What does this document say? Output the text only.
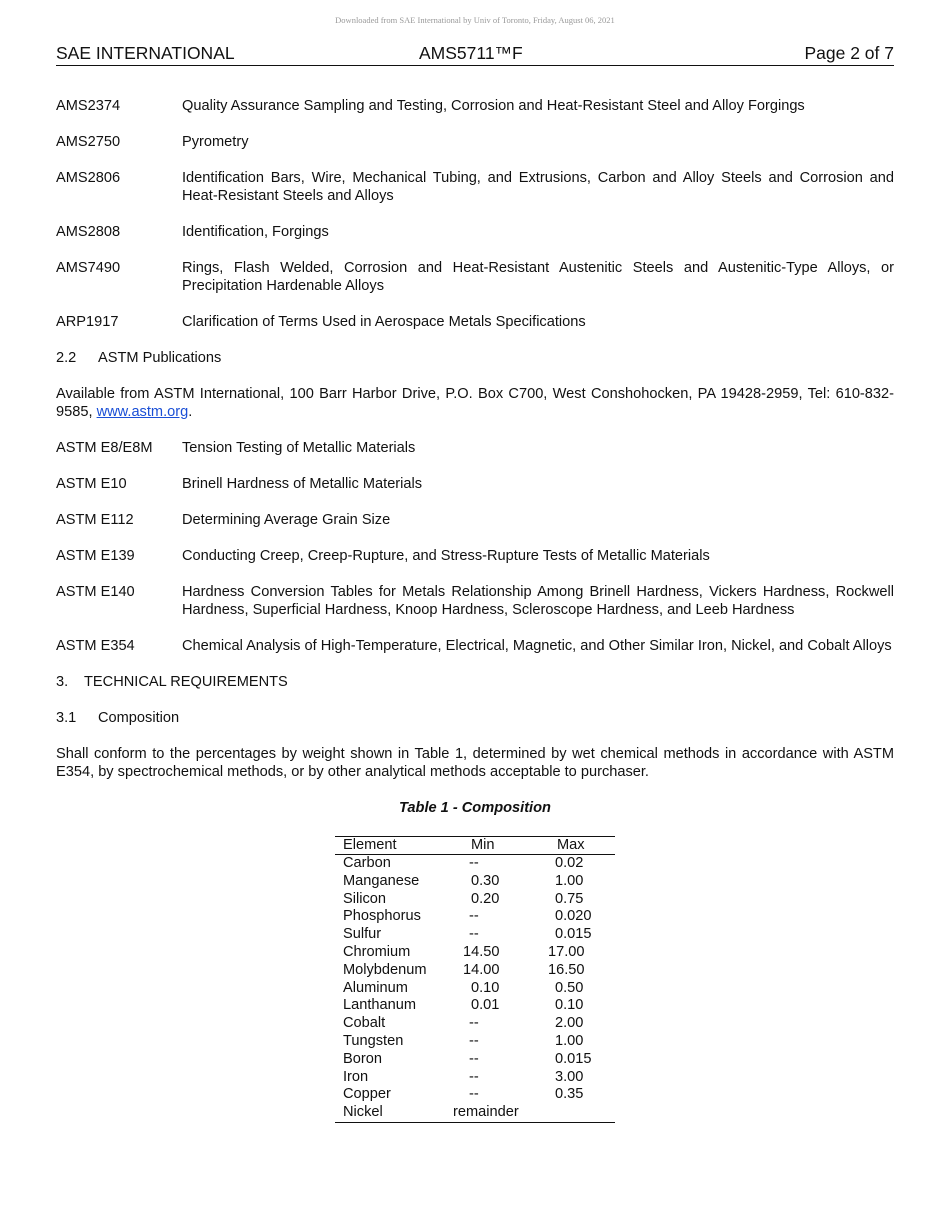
Downloaded from SAE International by Univ of Toronto, Friday, August 06, 2021
SAE INTERNATIONAL	AMS5711™F	Page 2 of 7
AMS2374	Quality Assurance Sampling and Testing, Corrosion and Heat-Resistant Steel and Alloy Forgings
AMS2750	Pyrometry
AMS2806	Identification Bars, Wire, Mechanical Tubing, and Extrusions, Carbon and Alloy Steels and Corrosion and Heat-Resistant Steels and Alloys
AMS2808	Identification, Forgings
AMS7490	Rings, Flash Welded, Corrosion and Heat-Resistant Austenitic Steels and Austenitic-Type Alloys, or Precipitation Hardenable Alloys
ARP1917	Clarification of Terms Used in Aerospace Metals Specifications
2.2 ASTM Publications
Available from ASTM International, 100 Barr Harbor Drive, P.O. Box C700, West Conshohocken, PA 19428-2959, Tel: 610-832-9585, www.astm.org.
ASTM E8/E8M	Tension Testing of Metallic Materials
ASTM E10	Brinell Hardness of Metallic Materials
ASTM E112	Determining Average Grain Size
ASTM E139	Conducting Creep, Creep-Rupture, and Stress-Rupture Tests of Metallic Materials
ASTM E140	Hardness Conversion Tables for Metals Relationship Among Brinell Hardness, Vickers Hardness, Rockwell Hardness, Superficial Hardness, Knoop Hardness, Scleroscope Hardness, and Leeb Hardness
ASTM E354	Chemical Analysis of High-Temperature, Electrical, Magnetic, and Other Similar Iron, Nickel, and Cobalt Alloys
3. TECHNICAL REQUIREMENTS
3.1 Composition
Shall conform to the percentages by weight shown in Table 1, determined by wet chemical methods in accordance with ASTM E354, by spectrochemical methods, or by other analytical methods acceptable to purchaser.
Table 1 - Composition
Element	Min	Max
Carbon	--	0.02
Manganese	0.30	1.00
Silicon	0.20	0.75
Phosphorus	--	0.020
Sulfur	--	0.015
Chromium	14.50	17.00
Molybdenum	14.00	16.50
Aluminum	0.10	0.50
Lanthanum	0.01	0.10
Cobalt	--	2.00
Tungsten	--	1.00
Boron	--	0.015
Iron	--	3.00
Copper	--	0.35
Nickel	remainder	
